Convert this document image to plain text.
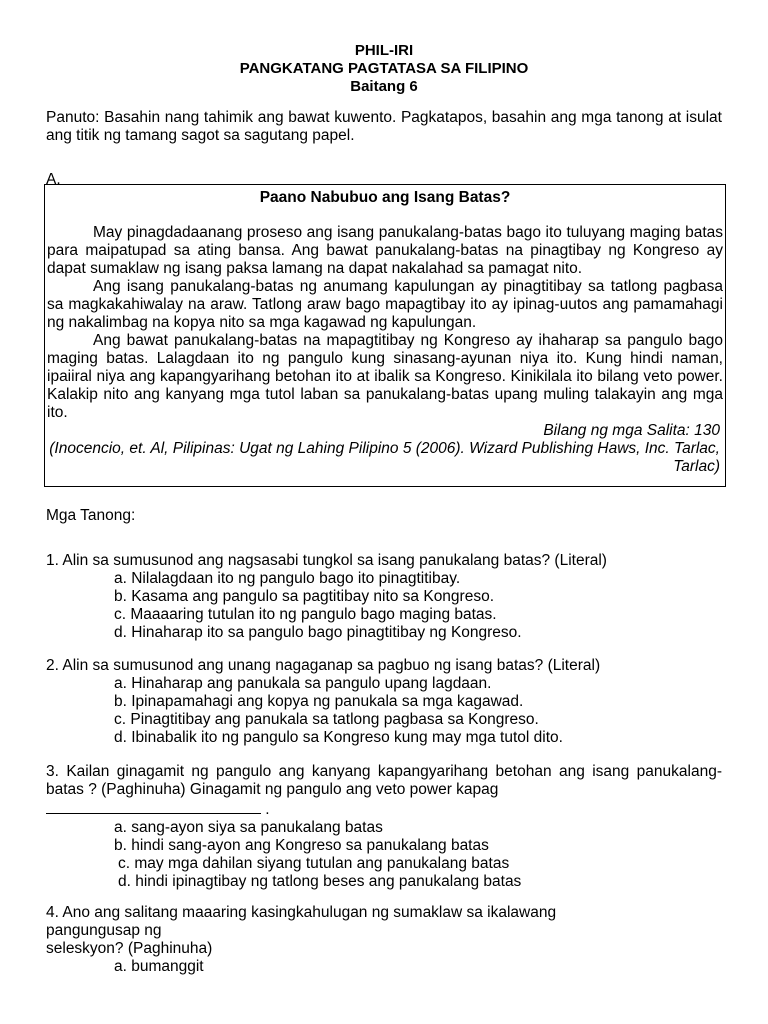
PHIL-IRI
PANGKATANG PAGTATASA SA FILIPINO
Baitang 6
Panuto: Basahin nang tahimik ang bawat kuwento. Pagkatapos, basahin ang mga tanong at isulat ang titik ng tamang sagot sa sagutang papel.
A.
Paano Nabubuo ang Isang Batas?

May pinagdadaanang proseso ang isang panukalang-batas bago ito tuluyang maging batas para maipatupad sa ating bansa. Ang bawat panukalang-batas na pinagtibay ng Kongreso ay dapat sumaklaw ng isang paksa lamang na dapat nakalahad sa pamagat nito.

Ang isang panukalang-batas ng anumang kapulungan ay pinagtitibay sa tatlong pagbasa sa magkakahiwalay na araw. Tatlong araw bago mapagtibay ito ay ipinag-uutos ang pamamahagi ng nakalimbag na kopya nito sa mga kagawad ng kapulungan.

Ang bawat panukalang-batas na mapagtitibay ng Kongreso ay ihaharap sa pangulo bago maging batas. Lalagdaan ito ng pangulo kung sinasang-ayunan niya ito. Kung hindi naman, ipaiiral niya ang kapangyarihang betohan ito at ibalik sa Kongreso. Kinikilala ito bilang veto power. Kalakip nito ang kanyang mga tutol laban sa panukalang-batas upang muling talakayin ang mga ito.

Bilang ng mga Salita: 130
(Inocencio, et. Al, Pilipinas: Ugat ng Lahing Pilipino 5 (2006). Wizard Publishing Haws, Inc. Tarlac, Tarlac)
Mga Tanong:
1. Alin sa sumusunod ang nagsasabi tungkol sa isang panukalang batas? (Literal)
a. Nilalagdaan ito ng pangulo bago ito pinagtitibay.
b. Kasama ang pangulo sa pagtitibay nito sa Kongreso.
c. Maaaaring tutulan ito ng pangulo bago maging batas.
d. Hinaharap ito sa pangulo bago pinagtitibay ng Kongreso.
2. Alin sa sumusunod ang unang nagaganap sa pagbuo ng isang batas? (Literal)
a. Hinaharap ang panukala sa pangulo upang lagdaan.
b. Ipinapamahagi ang kopya ng panukala sa mga kagawad.
c. Pinagtitibay ang panukala sa tatlong pagbasa sa Kongreso.
d. Ibinabalik ito ng pangulo sa Kongreso kung may mga tutol dito.
3. Kailan ginagamit ng pangulo ang kanyang kapangyarihang betohan ang isang panukalang-batas ? (Paghinuha) Ginagamit ng pangulo ang veto power kapag
.
a. sang-ayon siya sa panukalang batas
b. hindi sang-ayon ang Kongreso sa panukalang batas
c. may mga dahilan siyang tutulan ang panukalang batas
d. hindi ipinagtibay ng tatlong beses ang panukalang batas
4. Ano ang salitang maaaring kasingkahulugan ng sumaklaw sa ikalawang
pangungusap ng
seleskyon? (Paghinuha)
a. bumanggit
